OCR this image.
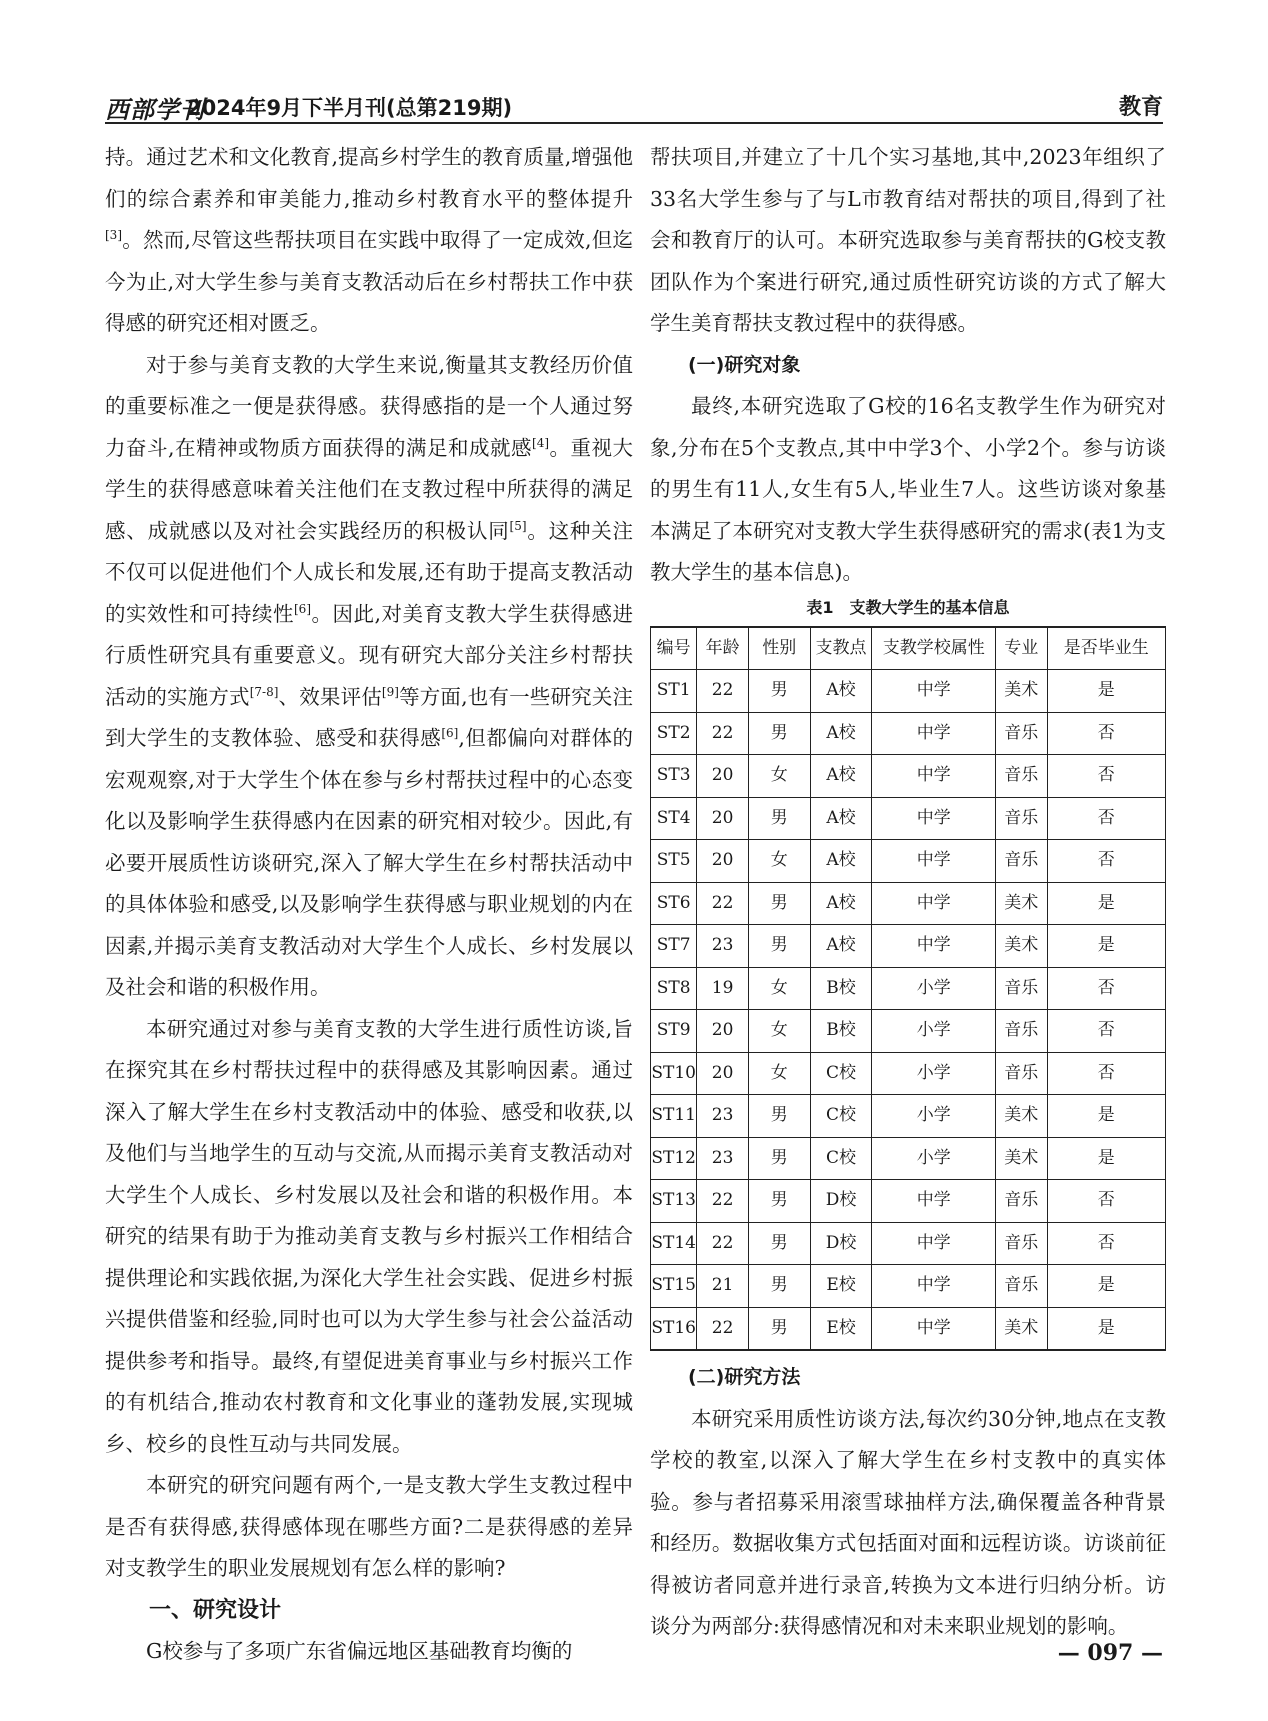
西部学刊
2024年9月下半月刊(总第219期)	教育

持。通过艺术和文化教育,提高乡村学生的教育质量,增强他们的综合素养和审美能力,推动乡村教育水平的整体提升[3]。然而,尽管这些帮扶项目在实践中取得了一定成效,但迄今为止,对大学生参与美育支教活动后在乡村帮扶工作中获得感的研究还相对匮乏。

对于参与美育支教的大学生来说,衡量其支教经历价值的重要标准之一便是获得感。获得感指的是一个人通过努力奋斗,在精神或物质方面获得的满足和成就感[4]。重视大学生的获得感意味着关注他们在支教过程中所获得的满足感、成就感以及对社会实践经历的积极认同[5]。这种关注不仅可以促进他们个人成长和发展,还有助于提高支教活动的实效性和可持续性[6]。因此,对美育支教大学生获得感进行质性研究具有重要意义。现有研究大部分关注乡村帮扶活动的实施方式[7-8]、效果评估[9]等方面,也有一些研究关注到大学生的支教体验、感受和获得感[6],但都偏向对群体的宏观观察,对于大学生个体在参与乡村帮扶过程中的心态变化以及影响学生获得感内在因素的研究相对较少。因此,有必要开展质性访谈研究,深入了解大学生在乡村帮扶活动中的具体体验和感受,以及影响学生获得感与职业规划的内在因素,并揭示美育支教活动对大学生个人成长、乡村发展以及社会和谐的积极作用。

本研究通过对参与美育支教的大学生进行质性访谈,旨在探究其在乡村帮扶过程中的获得感及其影响因素。通过深入了解大学生在乡村支教活动中的体验、感受和收获,以及他们与当地学生的互动与交流,从而揭示美育支教活动对大学生个人成长、乡村发展以及社会和谐的积极作用。本研究的结果有助于为推动美育支教与乡村振兴工作相结合提供理论和实践依据,为深化大学生社会实践、促进乡村振兴提供借鉴和经验,同时也可以为大学生参与社会公益活动提供参考和指导。最终,有望促进美育事业与乡村振兴工作的有机结合,推动农村教育和文化事业的蓬勃发展,实现城乡、校乡的良性互动与共同发展。

本研究的研究问题有两个,一是支教大学生支教过程中是否有获得感,获得感体现在哪些方面?二是获得感的差异对支教学生的职业发展规划有怎么样的影响?

一、研究设计

G校参与了多项广东省偏远地区基础教育均衡的

帮扶项目,并建立了十几个实习基地,其中,2023年组织了33名大学生参与了与L市教育结对帮扶的项目,得到了社会和教育厅的认可。本研究选取参与美育帮扶的G校支教团队作为个案进行研究,通过质性研究访谈的方式了解大学生美育帮扶支教过程中的获得感。

(一)研究对象

最终,本研究选取了G校的16名支教学生作为研究对象,分布在5个支教点,其中中学3个、小学2个。参与访谈的男生有11人,女生有5人,毕业生7人。这些访谈对象基本满足了本研究对支教大学生获得感研究的需求(表1为支教大学生的基本信息)。

表1　支教大学生的基本信息
编号	年龄	性别	支教点	支教学校属性	专业	是否毕业生
ST1	22	男	A校	中学	美术	是
ST2	22	男	A校	中学	音乐	否
ST3	20	女	A校	中学	音乐	否
ST4	20	男	A校	中学	音乐	否
ST5	20	女	A校	中学	音乐	否
ST6	22	男	A校	中学	美术	是
ST7	23	男	A校	中学	美术	是
ST8	19	女	B校	小学	音乐	否
ST9	20	女	B校	小学	音乐	否
ST10	20	女	C校	小学	音乐	否
ST11	23	男	C校	小学	美术	是
ST12	23	男	C校	小学	美术	是
ST13	22	男	D校	中学	音乐	否
ST14	22	男	D校	中学	音乐	否
ST15	21	男	E校	中学	音乐	是
ST16	22	男	E校	中学	美术	是
(二)研究方法

本研究采用质性访谈方法,每次约30分钟,地点在支教学校的教室,以深入了解大学生在乡村支教中的真实体验。参与者招募采用滚雪球抽样方法,确保覆盖各种背景和经历。数据收集方式包括面对面和远程访谈。访谈前征得被访者同意并进行录音,转换为文本进行归纳分析。访谈分为两部分:获得感情况和对未来职业规划的影响。

— 097 —
